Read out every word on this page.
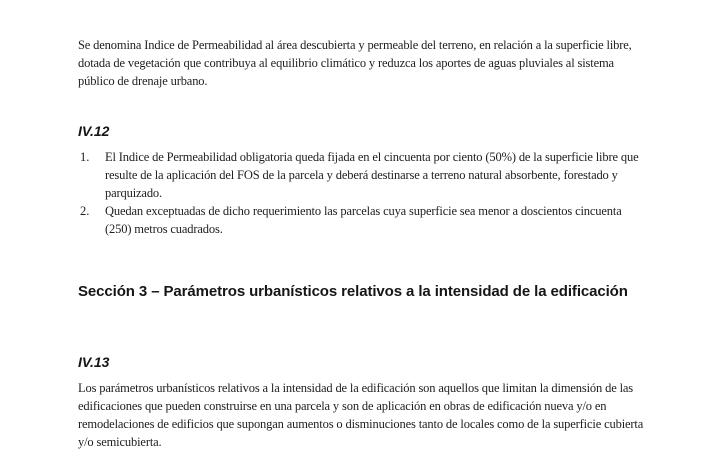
Se denomina Indice de Permeabilidad al área descubierta y permeable del terreno, en relación a la superficie libre, dotada de vegetación que contribuya al equilibrio climático y reduzca los aportes de aguas pluviales al sistema público de drenaje urbano.

IV.12
1.	El Indice de Permeabilidad obligatoria queda fijada en el cincuenta por ciento (50%) de la superficie libre que resulte de la aplicación del FOS de la parcela y deberá destinarse a terreno natural absorbente, forestado y parquizado.
2.	Quedan exceptuadas de dicho requerimiento las parcelas cuya superficie sea menor a doscientos cincuenta (250) metros cuadrados.
Sección 3 – Parámetros urbanísticos relativos a la intensidad de la edificación
IV.13

Los parámetros urbanísticos relativos a la intensidad de la edificación son aquellos que limitan la dimensión de las edificaciones que pueden construirse en una parcela y son de aplicación en obras de edificación nueva y/o en remodelaciones de edificios que supongan aumentos o disminuciones tanto de locales como de la superficie cubierta y/o semicubierta.
